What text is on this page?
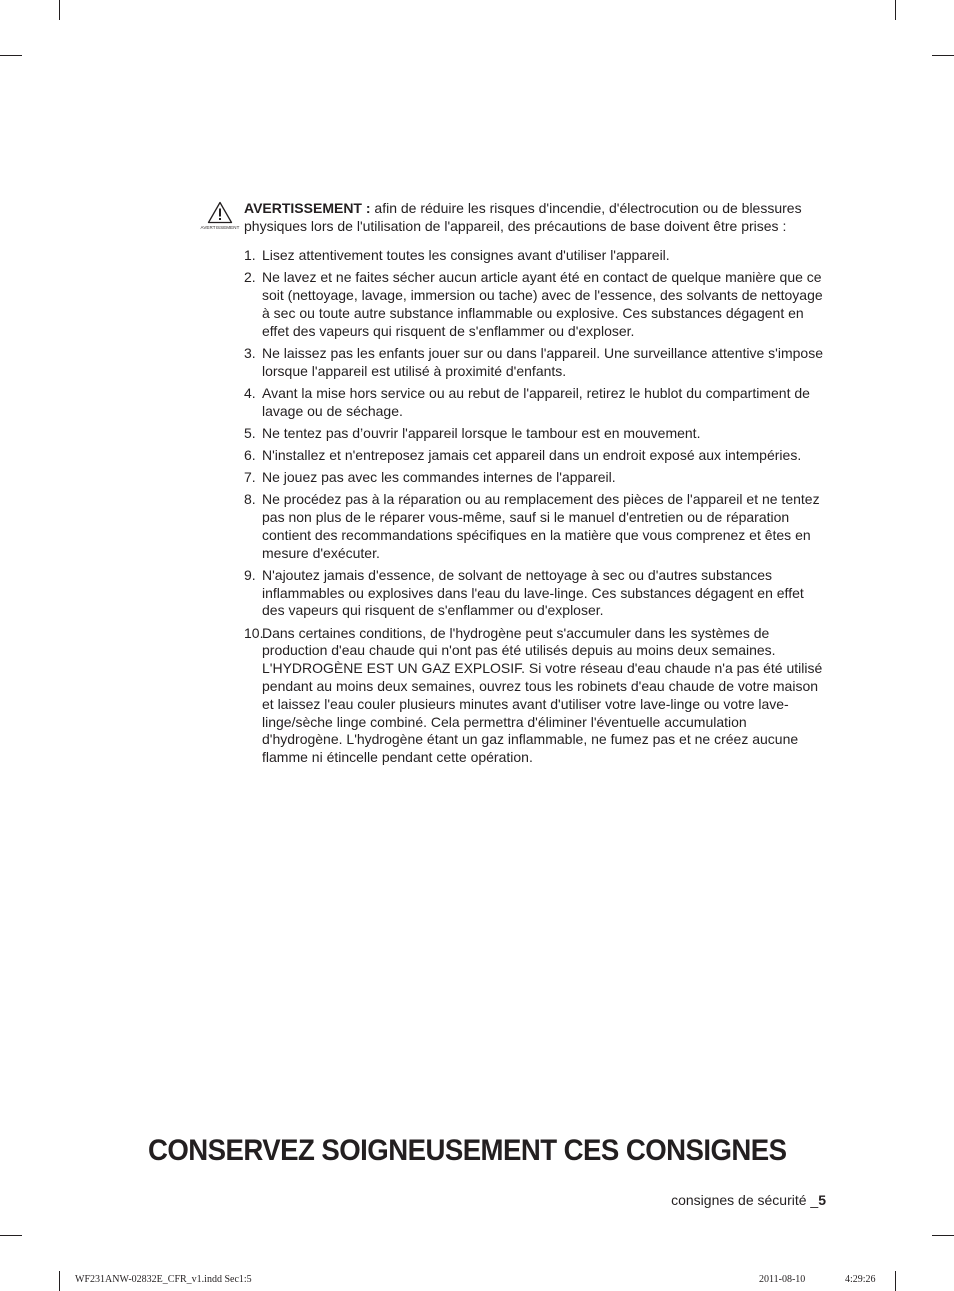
AVERTISSEMENT
AVERTISSEMENT : afin de réduire les risques d'incendie, d'électrocution ou de blessures physiques lors de l'utilisation de l'appareil, des précautions de base doivent être prises :
1. Lisez attentivement toutes les consignes avant d'utiliser l'appareil.
2. Ne lavez et ne faites sécher aucun article ayant été en contact de quelque manière que ce soit (nettoyage, lavage, immersion ou tache) avec de l'essence, des solvants de nettoyage à sec ou toute autre substance inflammable ou explosive. Ces substances dégagent en effet des vapeurs qui risquent de s'enflammer ou d'exploser.
3. Ne laissez pas les enfants jouer sur ou dans l'appareil. Une surveillance attentive s'impose lorsque l'appareil est utilisé à proximité d'enfants.
4. Avant la mise hors service ou au rebut de l'appareil, retirez le hublot du compartiment de lavage ou de séchage.
5. Ne tentez pas d’ouvrir l'appareil lorsque le tambour est en mouvement.
6. N'installez et n'entreposez jamais cet appareil dans un endroit exposé aux intempéries.
7. Ne jouez pas avec les commandes internes de l'appareil.
8. Ne procédez pas à la réparation ou au remplacement des pièces de l'appareil et ne tentez pas non plus de le réparer vous-même, sauf si le manuel d'entretien ou de réparation contient des recommandations spécifiques en la matière que vous comprenez et êtes en mesure d'exécuter.
9. N'ajoutez jamais d'essence, de solvant de nettoyage à sec ou d'autres substances inflammables ou explosives dans l'eau du lave-linge. Ces substances dégagent en effet des vapeurs qui risquent de s'enflammer ou d'exploser.
10.
Dans certaines conditions, de l'hydrogène peut s'accumuler dans les systèmes de production d'eau chaude qui n'ont pas été utilisés depuis au moins deux semaines. L'HYDROGÈNE EST UN GAZ EXPLOSIF. Si votre réseau d'eau chaude n'a pas été utilisé pendant au moins deux semaines, ouvrez tous les robinets d'eau chaude de votre maison et laissez l'eau couler plusieurs minutes avant d'utiliser votre lave-linge ou votre lave-linge/sèche linge combiné. Cela permettra d'éliminer l'éventuelle accumulation d'hydrogène. L'hydrogène étant un gaz inflammable, ne fumez pas et ne créez aucune flamme ni étincelle pendant cette opération.
CONSERVEZ SOIGNEUSEMENT CES CONSIGNES
consignes de sécurité _5
WF231ANW-02832E_CFR_v1.indd Sec1:5	2011-08-10	4:29:26
